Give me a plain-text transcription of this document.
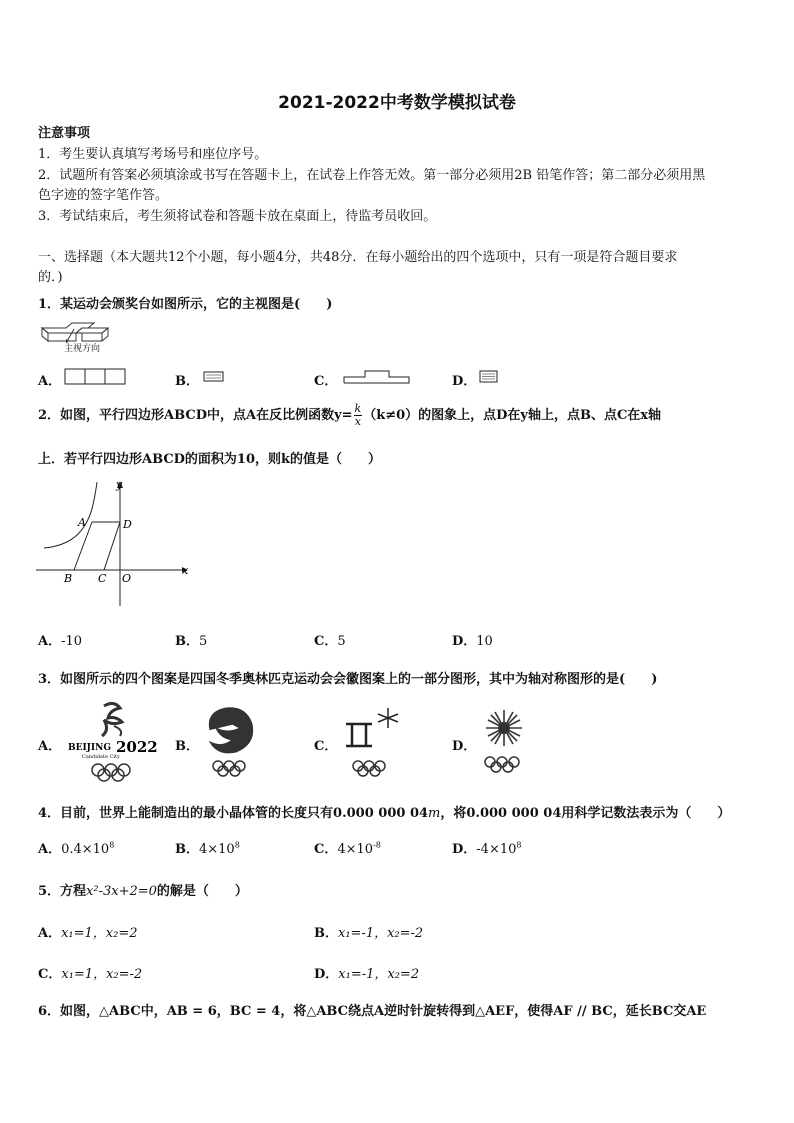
2021-2022中考数学模拟试卷
注意事项
1．考生要认真填写考场号和座位序号。
2．试题所有答案必须填涂或书写在答题卡上，在试卷上作答无效。第一部分必须用2B 铅笔作答；第二部分必须用黑
色字迹的签字笔作答。
3．考试结束后，考生须将试卷和答题卡放在桌面上，待监考员收回。
一、选择题（本大题共12个小题，每小题4分，共48分．在每小题给出的四个选项中，只有一项是符合题目要求
的．)
1．某运动会颁奖台如图所示，它的主视图是(　　)
主视方向
A．	B．	C．	D．
2．如图，平行四边形ABCD中，点A在反比例函数$y= \frac{k}{x} (k\ne 0)$的图象上，点D在y轴上，点B、点C在x轴
上．若平行四边形ABCD的面积为10，则k的值是（　　）
y
x
A	D
B C O
A．-10	B．5	C．5	D．10
3．如图所示的四个图案是四国冬季奥林匹克运动会会徽图案上的一部分图形，其中为轴对称图形的是(　　)
A． BEIJING 2022
Candidate City
B．	C．	D．
4．目前，世界上能制造出的最小晶体管的长度只有0.000 000 04m，将0.000 000 04用科学记数法表示为（　　）
A．$0.4\times 10^8$	B．$4\times 10^8$	C．$4\times 10^{-8}$	D．$-4\times 10^8$
5．方程x²-3x+2=0的解是（　　）
A．x₁=1，x₂=2	B．x₁=-1，x₂=-2
C．x₁=1，x₂=-2	D．x₁=-1，x₂=2
6．如图，△ABC中，AB = 6，BC = 4，将△ABC绕点A逆时针旋转得到△AEF，使得AF // BC，延长BC交AE
